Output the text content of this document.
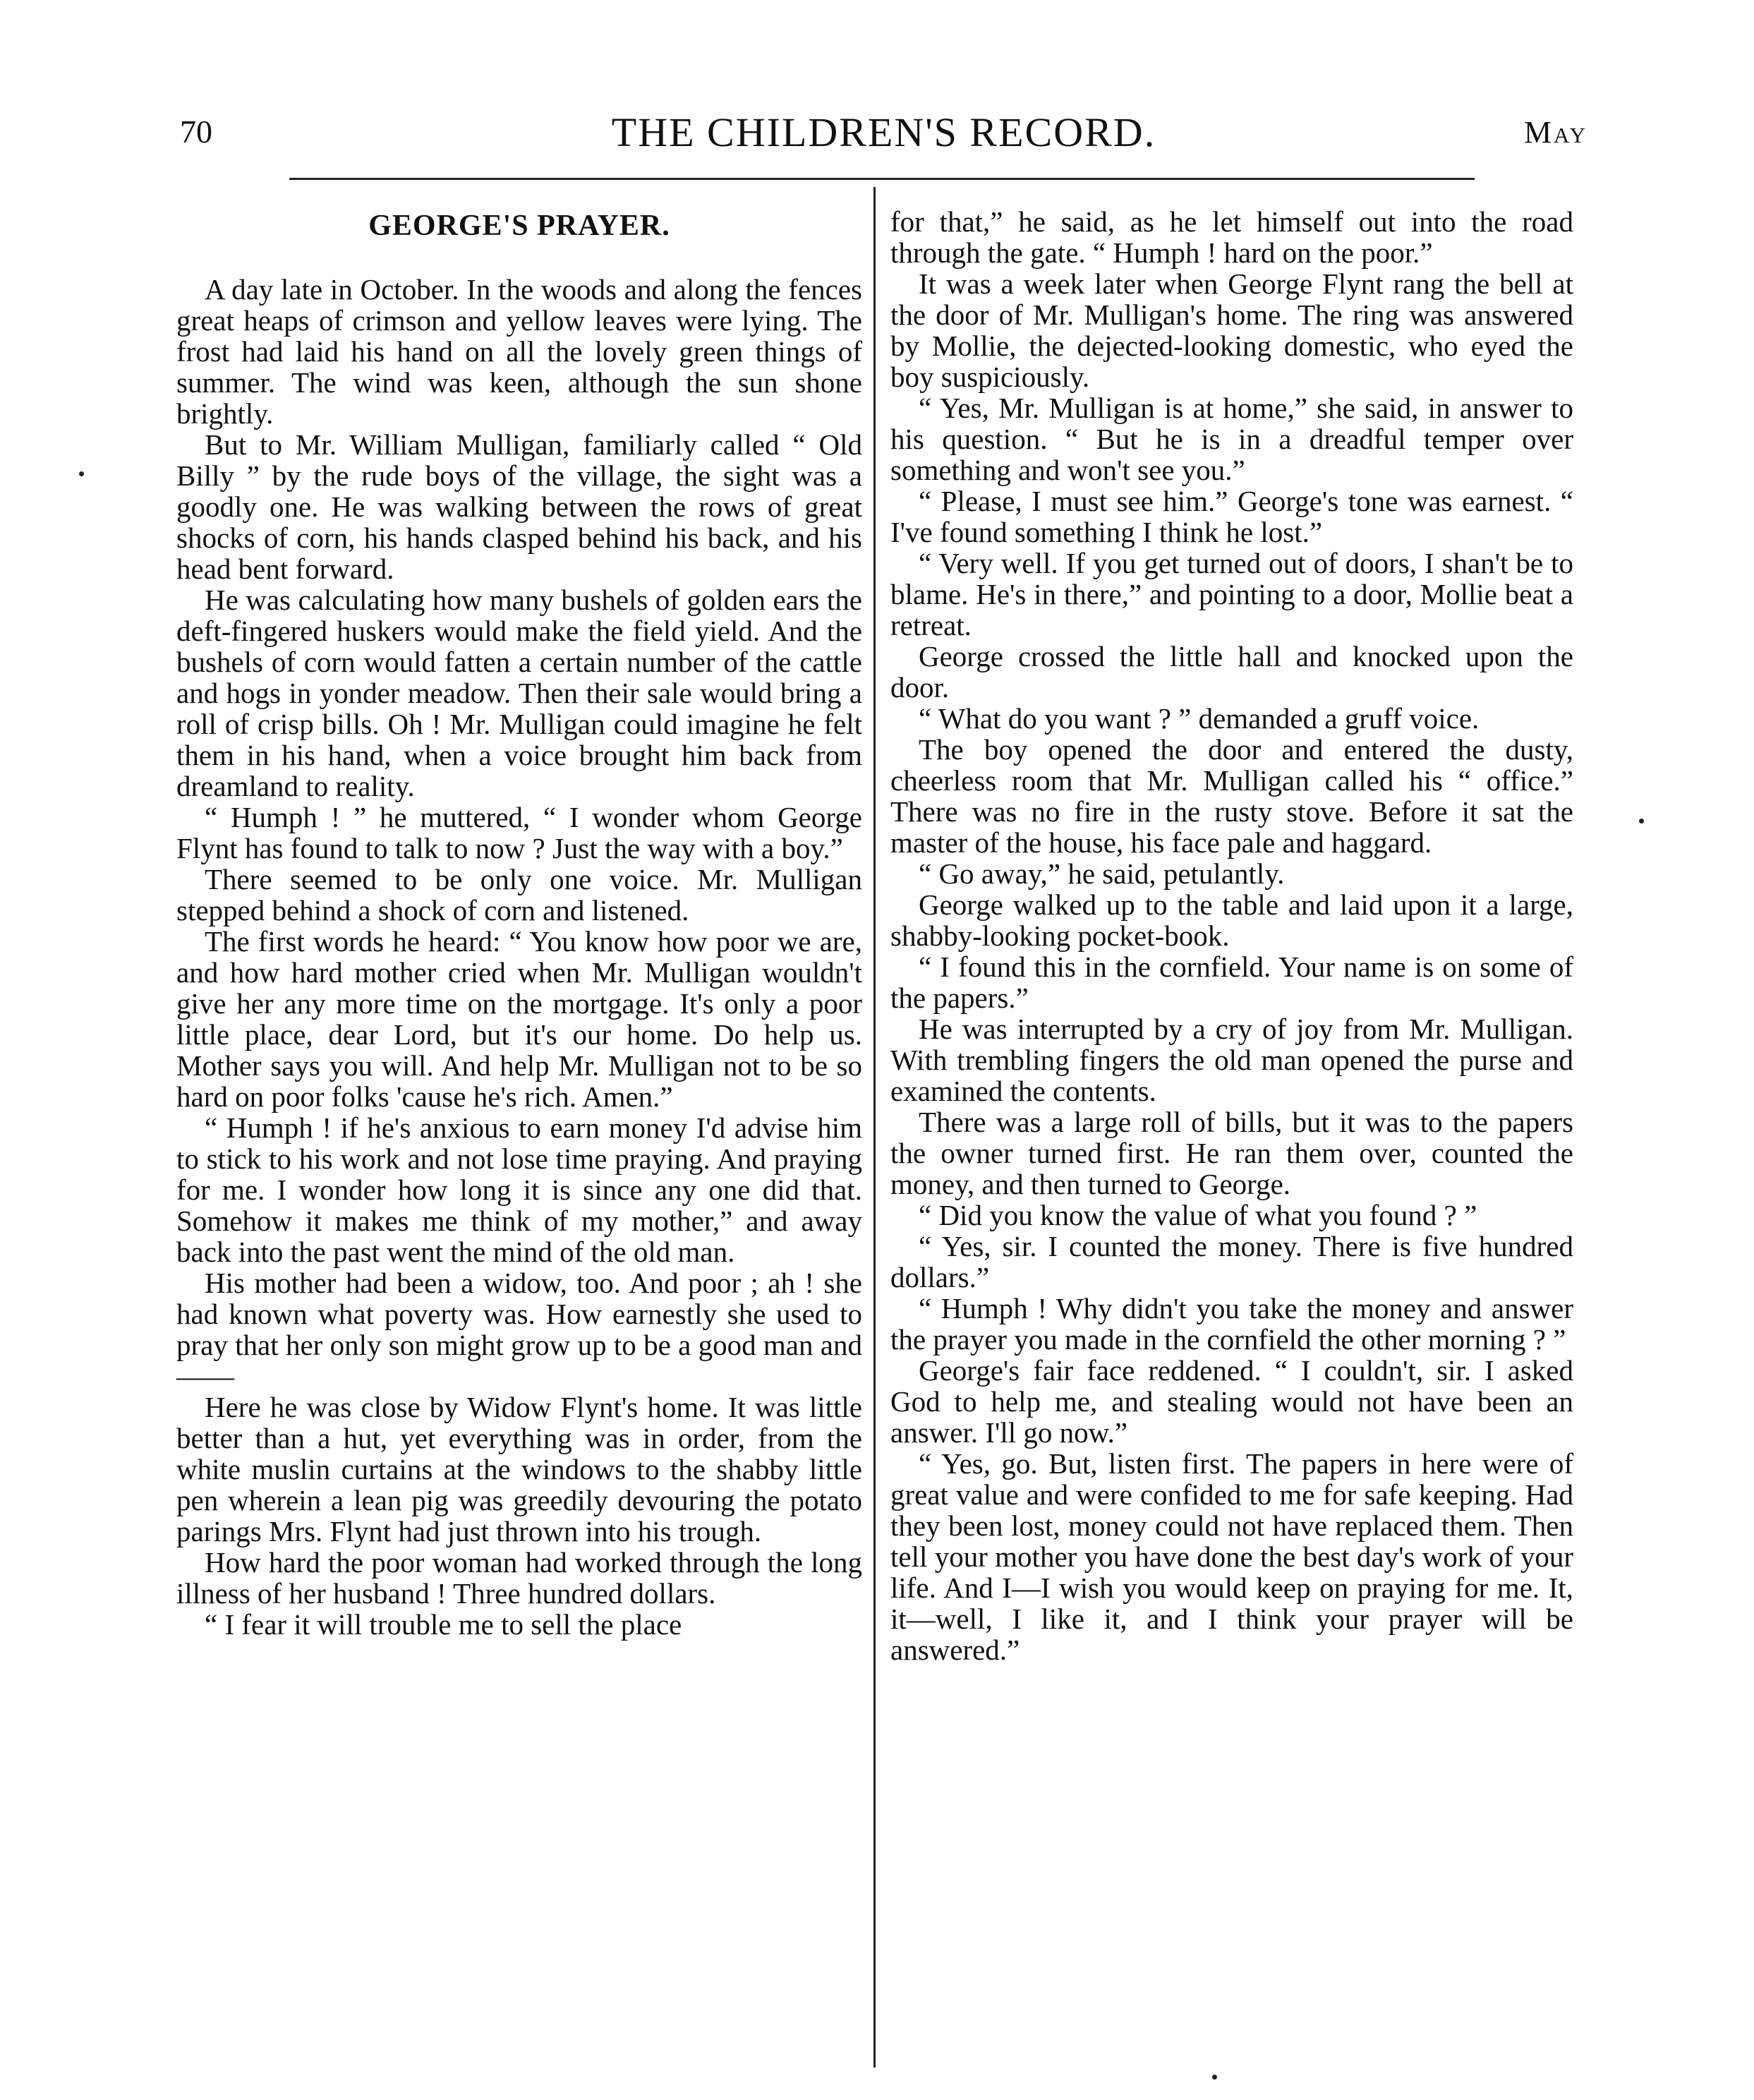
70	THE CHILDREN'S RECORD.	May
GEORGE'S PRAYER.

A day late in October. In the woods and along the fences great heaps of crimson and yellow leaves were lying. The frost had laid his hand on all the lovely green things of summer. The wind was keen, although the sun shone brightly.

But to Mr. William Mulligan, familiarly called “ Old Billy ” by the rude boys of the village, the sight was a goodly one. He was walking between the rows of great shocks of corn, his hands clasped behind his back, and his head bent forward.

He was calculating how many bushels of golden ears the deft-fingered huskers would make the field yield. And the bushels of corn would fatten a certain number of the cattle and hogs in yonder meadow. Then their sale would bring a roll of crisp bills. Oh ! Mr. Mulligan could imagine he felt them in his hand, when a voice brought him back from dreamland to reality.

“ Humph ! ” he muttered, “ I wonder whom George Flynt has found to talk to now ? Just the way with a boy.”

There seemed to be only one voice. Mr. Mulligan stepped behind a shock of corn and listened.

The first words he heard: “ You know how poor we are, and how hard mother cried when Mr. Mulligan wouldn't give her any more time on the mortgage. It's only a poor little place, dear Lord, but it's our home. Do help us. Mother says you will. And help Mr. Mulligan not to be so hard on poor folks 'cause he's rich. Amen.”

“ Humph ! if he's anxious to earn money I'd advise him to stick to his work and not lose time praying. And praying for me. I wonder how long it is since any one did that. Somehow it makes me think of my mother,” and away back into the past went the mind of the old man.

His mother had been a widow, too. And poor ; ah ! she had known what poverty was. How earnestly she used to pray that her only son might grow up to be a good man and——

Here he was close by Widow Flynt's home. It was little better than a hut, yet everything was in order, from the white muslin curtains at the windows to the shabby little pen wherein a lean pig was greedily devouring the potato parings Mrs. Flynt had just thrown into his trough.

How hard the poor woman had worked through the long illness of her husband ! Three hundred dollars.

“ I fear it will trouble me to sell the place

for that,” he said, as he let himself out into the road through the gate. “ Humph ! hard on the poor.”

It was a week later when George Flynt rang the bell at the door of Mr. Mulligan's home. The ring was answered by Mollie, the dejected-looking domestic, who eyed the boy suspiciously.

“ Yes, Mr. Mulligan is at home,” she said, in answer to his question. “ But he is in a dreadful temper over something and won't see you.”

“ Please, I must see him.” George's tone was earnest. “ I've found something I think he lost.”

“ Very well. If you get turned out of doors, I shan't be to blame. He's in there,” and pointing to a door, Mollie beat a retreat.

George crossed the little hall and knocked upon the door.

“ What do you want ? ” demanded a gruff voice.

The boy opened the door and entered the dusty, cheerless room that Mr. Mulligan called his “ office.” There was no fire in the rusty stove. Before it sat the master of the house, his face pale and haggard.

“ Go away,” he said, petulantly.

George walked up to the table and laid upon it a large, shabby-looking pocket-book.

“ I found this in the cornfield. Your name is on some of the papers.”

He was interrupted by a cry of joy from Mr. Mulligan. With trembling fingers the old man opened the purse and examined the contents.

There was a large roll of bills, but it was to the papers the owner turned first. He ran them over, counted the money, and then turned to George.

“ Did you know the value of what you found ? ”

“ Yes, sir. I counted the money. There is five hundred dollars.”

“ Humph ! Why didn't you take the money and answer the prayer you made in the cornfield the other morning ? ”

George's fair face reddened. “ I couldn't, sir. I asked God to help me, and stealing would not have been an answer. I'll go now.”

“ Yes, go. But, listen first. The papers in here were of great value and were confided to me for safe keeping. Had they been lost, money could not have replaced them. Then tell your mother you have done the best day's work of your life. And I—I wish you would keep on praying for me. It, it—well, I like it, and I think your prayer will be answered.”
